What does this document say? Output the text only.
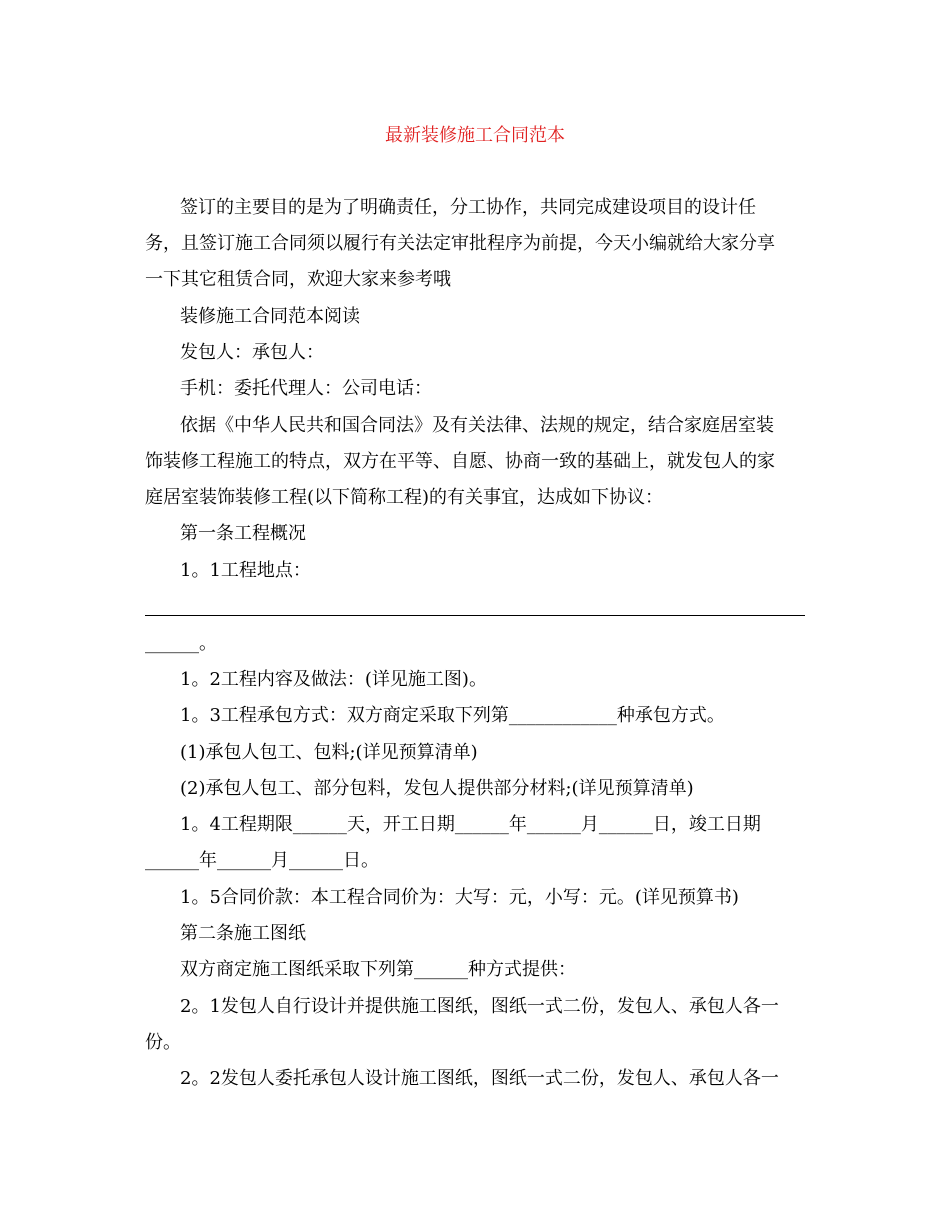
最新装修施工合同范本
签订的主要目的是为了明确责任，分工协作，共同完成建设项目的设计任
务，且签订施工合同须以履行有关法定审批程序为前提，今天小编就给大家分享
一下其它租赁合同，欢迎大家来参考哦
装修施工合同范本阅读
发包人：承包人：
手机：委托代理人：公司电话：
依据《中华人民共和国合同法》及有关法律、法规的规定，结合家庭居室装
饰装修工程施工的特点，双方在平等、自愿、协商一致的基础上，就发包人的家
庭居室装饰装修工程(以下简称工程)的有关事宜，达成如下协议：
第一条工程概况
1。1工程地点：
______。
1。2工程内容及做法：(详见施工图)。
1。3工程承包方式：双方商定采取下列第____________种承包方式。
(1)承包人包工、包料;(详见预算清单)
(2)承包人包工、部分包料，发包人提供部分材料;(详见预算清单)
1。4工程期限______天，开工日期______年______月______日，竣工日期
______年______月______日。
1。5合同价款：本工程合同价为：大写：元，小写：元。(详见预算书)
第二条施工图纸
双方商定施工图纸采取下列第______种方式提供：
2。1发包人自行设计并提供施工图纸，图纸一式二份，发包人、承包人各一
份。
2。2发包人委托承包人设计施工图纸，图纸一式二份，发包人、承包人各一
